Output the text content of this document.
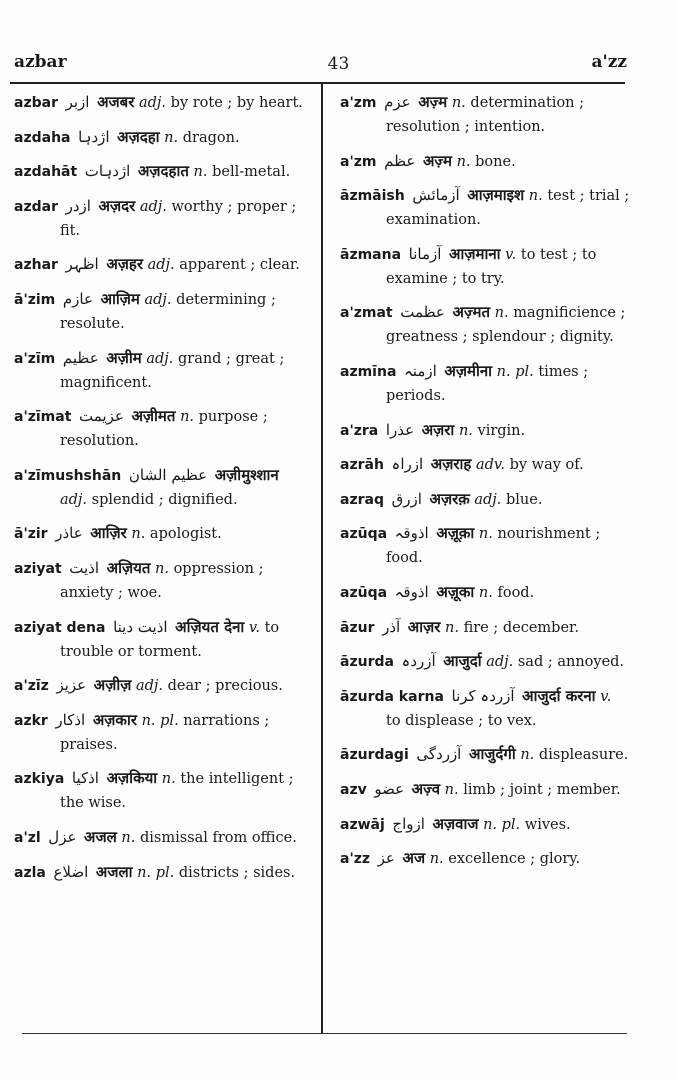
azbar	43	a'zz

azbar ازبر अजबर adj. by rote ; by heart.

azdaha اژدہا अज़दहा n. dragon.

azdahāt اژدہات अज़दहात n. bell-metal.

azdar ازدر अज़दर adj. worthy ; proper ; fit.

azhar اظہر अज़हर adj. apparent ; clear.

ā'zim عازم आज़िम adj. determining ; resolute.

a'zīm عظیم अज़ीम adj. grand ; great ; magnificent.

a'zīmat عزیمت अज़ीमत n. purpose ; resolution.

a'zīmushshān عظیم الشان अज़ीमुश्शान adj. splendid ; dignified.

ā'zir عاذر आज़िर n. apologist.

aziyat اذیت अज़ियत n. oppression ; anxiety ; woe.

aziyat dena اذیت دینا अज़ियत देना v. to trouble or torment.

a'zīz عزیز अज़ीज़ adj. dear ; precious.

azkr اذکار अज़कार n. pl. narrations ; praises.

azkiya اذکیا अज़किया n. the intelligent ; the wise.

a'zl عزل अजल n. dismissal from office.

azla اضلاع अजला n. pl. districts ; sides.

a'zm عزم अज़्म n. determination ; resolution ; intention.

a'zm عظم अज़्म n. bone.

āzmāish آزمائش आज़माइश n. test ; trial ; examination.

āzmana آزمانا आज़माना v. to test ; to examine ; to try.

a'zmat عظمت अज़्मत n. magnificience ; greatness ; splendour ; dignity.

azmīna ازمنہ अज़मीना n. pl. times ; periods.

a'zra عذرا अज़रा n. virgin.

azrāh ازراہ अज़राह adv. by way of.

azraq ازرق अज़रक़ adj. blue.

azūqa اذوقہ अज़ूक़ा n. nourishment ; food.

azūqa اذوقہ अज़ूका n. food.

āzur آذر आज़र n. fire ; december.

āzurda آزردہ आजुर्दा adj. sad ; annoyed.

āzurda karna آزردہ کرنا आजुर्दा करना v. to displease ; to vex.

āzurdagi آزردگی आजुर्दगी n. displeasure.

azv عضو अज़्व n. limb ; joint ; member.

azwāj ازواج अज़वाज n. pl. wives.

a'zz عز अज n. excellence ; glory.
